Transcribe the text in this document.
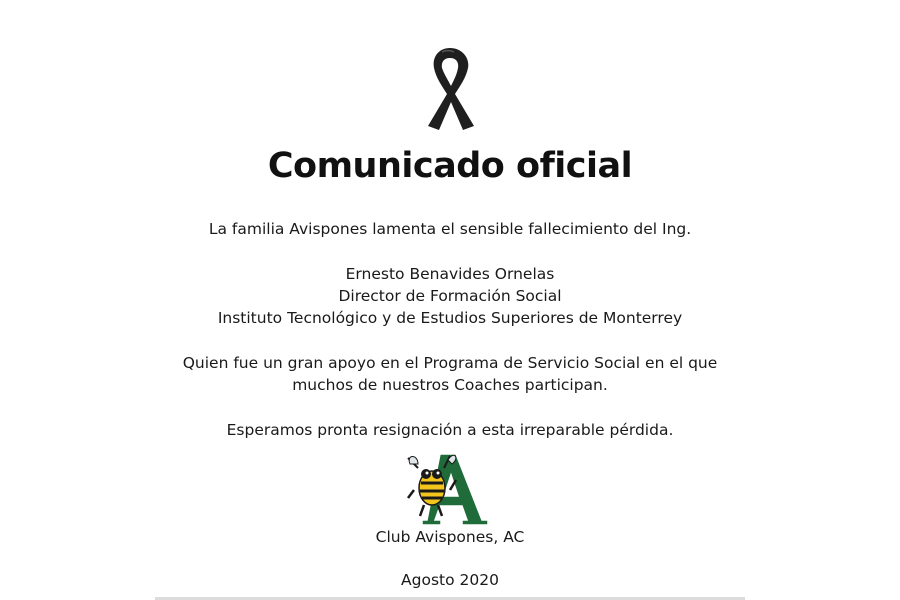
Comunicado oficial
La familia Avispones lamenta el sensible fallecimiento del Ing.
Ernesto Benavides Ornelas
Director de Formación Social
Instituto Tecnológico y de Estudios Superiores de Monterrey
Quien fue un gran apoyo en el Programa de Servicio Social en el que
muchos de nuestros Coaches participan.
Esperamos pronta resignación a esta irreparable pérdida.
Club Avispones, AC
Agosto 2020
